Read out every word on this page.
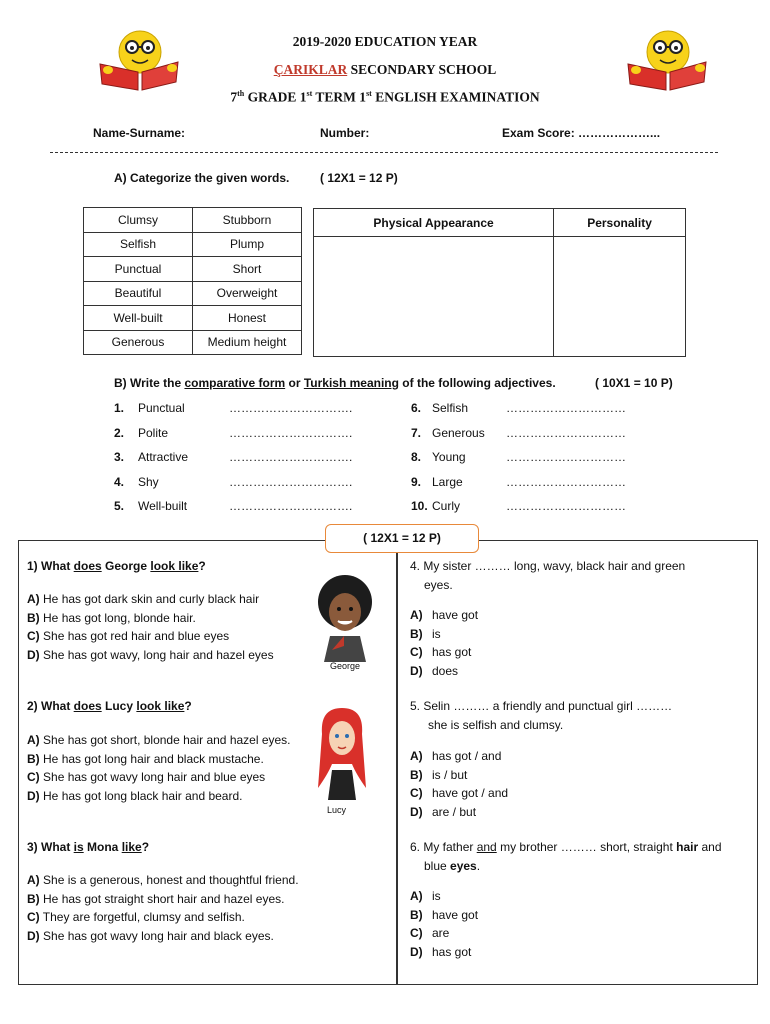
2019-2020 EDUCATION YEAR
ÇARIKLAR SECONDARY SCHOOL
7th GRADE 1st TERM 1st ENGLISH EXAMINATION
Name-Surname:	Number:	Exam Score: ………………...
A) Categorize the given words.	( 12X1 = 12 P)
Clumsy	Stubborn
Selfish	Plump
Punctual	Short
Beautiful	Overweight
Well-built	Honest
Generous	Medium height
Physical Appearance	Personality

B) Write the comparative form or Turkish meaning of the following adjectives.	( 10X1 = 10 P)
1. Punctual	………………………….
2. Polite	………………………….
3. Attractive	………………………….
4. Shy	………………………….
5. Well-built	………………………….
6. Selfish	…………………………
7. Generous …………………………
8. Young	…………………………
9. Large	…………………………
10. Curly	…………………………
( 12X1 = 12 P)
1) What does George look like?
A) He has got dark skin and curly black hair
B) He has got long, blonde hair.
C) She has got red hair and blue eyes
D) She has got wavy, long hair and hazel eyes
George
2) What does Lucy look like?
A) She has got short, blonde hair and hazel eyes.
B) He has got long hair and black mustache.
C) She has got wavy long hair and blue eyes
D) He has got long black hair and beard.
Lucy
3) What is Mona like?
A) She is a generous, honest and thoughtful friend.
B) He has got straight short hair and hazel eyes.
C) They are forgetful, clumsy and selfish.
D) She has got wavy long hair and black eyes.
4. My sister ……… long, wavy, black hair and green
eyes.
A) have got
B) is
C) has got
D) does
5. Selin ……… a friendly and punctual girl ………
she is selfish and clumsy.
A) has got / and
B) is / but
C) have got / and
D) are / but
6. My father and my brother ……… short, straight hair and
blue eyes.
A) is
B) have got
C) are
D) has got
